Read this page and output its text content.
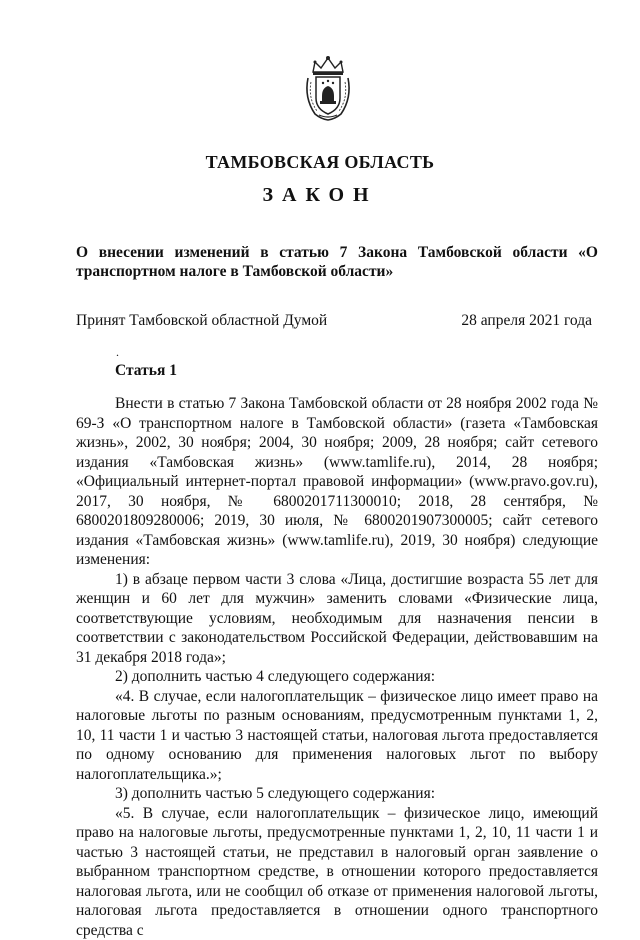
ТАМБОВСКАЯ ОБЛАСТЬ
ЗАКОН
О внесении изменений в статью 7 Закона Тамбовской области «О транспортном налоге в Тамбовской области»
Принят Тамбовской областной Думой	28 апреля 2021 года
.
Статья 1

Внести в статью 7 Закона Тамбовской области от 28 ноября 2002 года № 69-З «О транспортном налоге в Тамбовской области» (газета «Тамбовская жизнь», 2002, 30 ноября; 2004, 30 ноября; 2009, 28 ноября; сайт сетевого издания «Тамбовская жизнь» (www.tamlife.ru), 2014, 28 ноября; «Официальный интернет-портал правовой информации» (www.pravo.gov.ru), 2017, 30 ноября, № 6800201711300010; 2018, 28 сентября, № 6800201809280006; 2019, 30 июля, № 6800201907300005; сайт сетевого издания «Тамбовская жизнь» (www.tamlife.ru), 2019, 30 ноября) следующие изменения:

1) в абзаце первом части 3 слова «Лица, достигшие возраста 55 лет для женщин и 60 лет для мужчин» заменить словами «Физические лица, соответствующие условиям, необходимым для назначения пенсии в соответствии с законодательством Российской Федерации, действовавшим на 31 декабря 2018 года»;

2) дополнить частью 4 следующего содержания:

«4. В случае, если налогоплательщик – физическое лицо имеет право на налоговые льготы по разным основаниям, предусмотренным пунктами 1, 2, 10, 11 части 1 и частью 3 настоящей статьи, налоговая льгота предоставляется по одному основанию для применения налоговых льгот по выбору налогоплательщика.»;

3) дополнить частью 5 следующего содержания:

«5. В случае, если налогоплательщик – физическое лицо, имеющий право на налоговые льготы, предусмотренные пунктами 1, 2, 10, 11 части 1 и частью 3 настоящей статьи, не представил в налоговый орган заявление о выбранном транспортном средстве, в отношении которого предоставляется налоговая льгота, или не сообщил об отказе от применения налоговой льготы, налоговая льгота предоставляется в отношении одного транспортного средства с
